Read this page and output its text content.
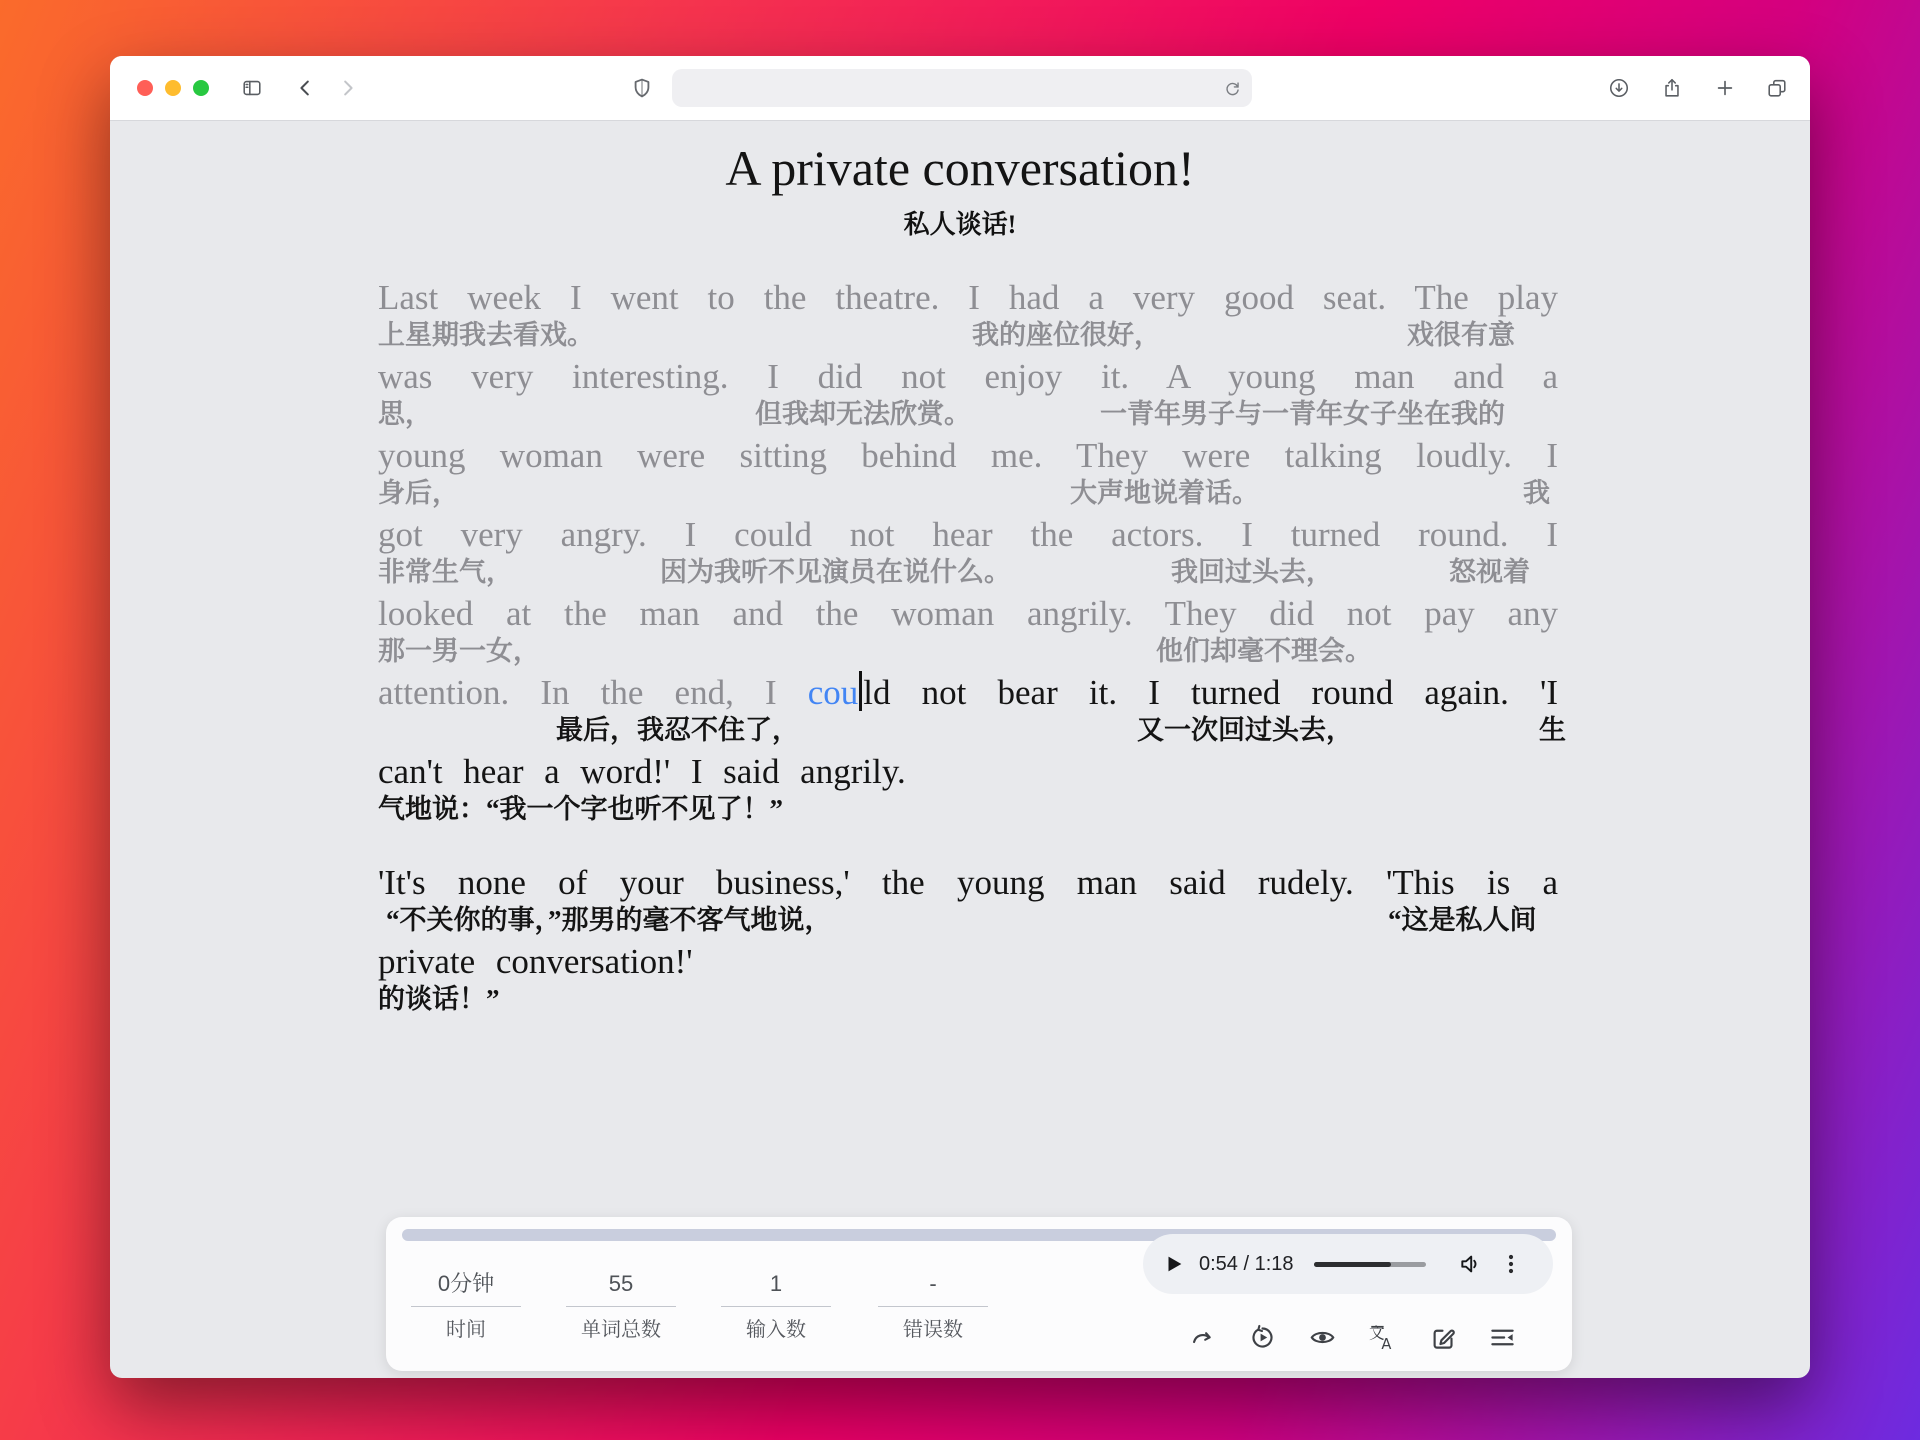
A private conversation!
私人谈话!
Last week I went to the theatre. I had a very good seat. The play
上星期我去看戏。	我的座位很好，	戏很有意
was very interesting. I did not enjoy it. A young man and a
思，	但我却无法欣赏。	一青年男子与一青年女子坐在我的
young woman were sitting behind me. They were talking loudly. I
身后，	大声地说着话。	我
got very angry. I could not hear the actors. I turned round. I
非常生气，	因为我听不见演员在说什么。	我回过头去，	怒视着
looked at the man and the woman angrily. They did not pay any
那一男一女，	他们却毫不理会。
attention. In the end, I cou ld not bear it. I turned round again. 'I
最后，我忍不住了，	又一次回过头去，	生
can't hear a word!' I said angrily.
气地说：“我一个字也听不见了！”
'It's none of your business,' the young man said rudely. 'This is a
“不关你的事，”那男的毫不客气地说，	“这是私人间
private conversation!'
的谈话！”
0分钟
时间
55
单词总数
1
输入数
-
错误数
0:54 / 1:18
文
A
